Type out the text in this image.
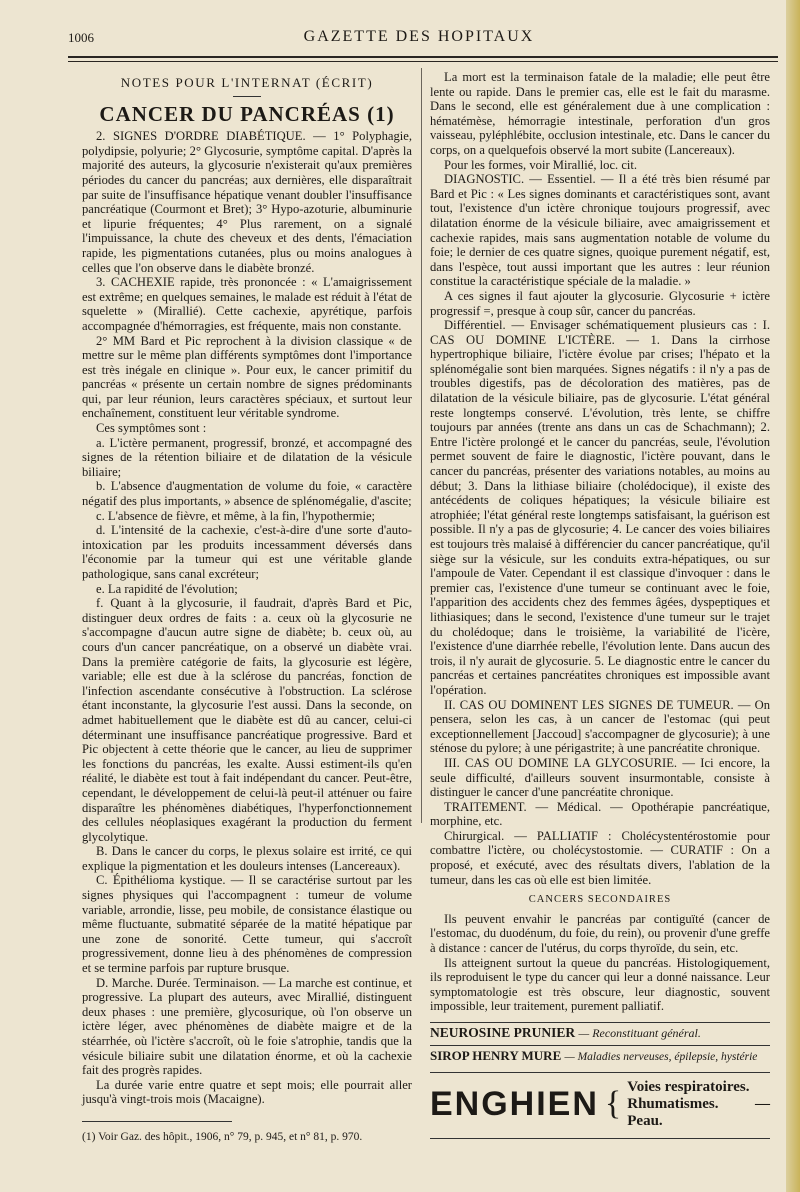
1006	GAZETTE DES HOPITAUX
NOTES POUR L'INTERNAT (ÉCRIT)
CANCER DU PANCRÉAS (1)

2. SIGNES D'ORDRE DIABÉTIQUE. — 1° Polyphagie, polydipsie, polyurie; 2° Glycosurie, symptôme capital. D'après la majorité des auteurs, la glycosurie n'existerait qu'aux premières périodes du cancer du pancréas; aux dernières, elle disparaîtrait par suite de l'insuffisance hépatique venant doubler l'insuffisance pancréatique (Courmont et Bret); 3° Hypo-azoturie, albuminurie et lipurie fréquentes; 4° Plus rarement, on a signalé l'impuissance, la chute des cheveux et des dents, l'émaciation rapide, les pigmentations cutanées, plus ou moins analogues à celles que l'on observe dans le diabète bronzé.

3. CACHEXIE rapide, très prononcée : « L'amaigrissement est extrême; en quelques semaines, le malade est réduit à l'état de squelette » (Mirallié). Cette cachexie, apyrétique, parfois accompagnée d'hémorragies, est fréquente, mais non constante.

2° MM Bard et Pic reprochent à la division classique « de mettre sur le même plan différents symptômes dont l'importance est très inégale en clinique ». Pour eux, le cancer primitif du pancréas « présente un certain nombre de signes prédominants qui, par leur réunion, leurs caractères spéciaux, et surtout leur enchaînement, constituent leur véritable syndrome.

Ces symptômes sont :

a. L'ictère permanent, progressif, bronzé, et accompagné des signes de la rétention biliaire et de dilatation de la vésicule biliaire;

b. L'absence d'augmentation de volume du foie, « caractère négatif des plus importants, » absence de splénomégalie, d'ascite;

c. L'absence de fièvre, et même, à la fin, l'hypothermie;

d. L'intensité de la cachexie, c'est-à-dire d'une sorte d'auto-intoxication par les produits incessamment déversés dans l'économie par la tumeur qui est une véritable glande pathologique, sans canal excréteur;

e. La rapidité de l'évolution;

f. Quant à la glycosurie, il faudrait, d'après Bard et Pic, distinguer deux ordres de faits : a. ceux où la glycosurie ne s'accompagne d'aucun autre signe de diabète; b. ceux où, au cours d'un cancer pancréatique, on a observé un diabète vrai. Dans la première catégorie de faits, la glycosurie est légère, variable; elle est due à la sclérose du pancréas, fonction de l'infection ascendante consécutive à l'obstruction. La sclérose étant inconstante, la glycosurie l'est aussi. Dans la seconde, on admet habituellement que le diabète est dû au cancer, celui-ci déterminant une insuffisance pancréatique progressive. Bard et Pic objectent à cette théorie que le cancer, au lieu de supprimer les fonctions du pancréas, les exalte. Aussi estiment-ils qu'en réalité, le diabète est tout à fait indépendant du cancer. Peut-être, cependant, le développement de celui-là peut-il atténuer ou faire disparaître les phénomènes diabétiques, l'hyperfonctionnement des cellules néoplasiques exagérant la production du ferment glycolytique.

B. Dans le cancer du corps, le plexus solaire est irrité, ce qui explique la pigmentation et les douleurs intenses (Lancereaux).

C. Épithélioma kystique. — Il se caractérise surtout par les signes physiques qui l'accompagnent : tumeur de volume variable, arrondie, lisse, peu mobile, de consistance élastique ou même fluctuante, submatité séparée de la matité hépatique par une zone de sonorité. Cette tumeur, qui s'accroît progressivement, donne lieu à des phénomènes de compression et se termine parfois par rupture brusque.

D. Marche. Durée. Terminaison. — La marche est continue, et progressive. La plupart des auteurs, avec Mirallié, distinguent deux phases : une première, glycosurique, où l'on observe un ictère léger, avec phénomènes de diabète maigre et de la stéarrhée, où l'ictère s'accroît, où le foie s'atrophie, tandis que la vésicule biliaire subit une dilatation énorme, et où la cachexie fait des progrès rapides.

La durée varie entre quatre et sept mois; elle pourrait aller jusqu'à vingt-trois mois (Macaigne).

(1) Voir Gaz. des hôpit., 1906, n° 79, p. 945, et n° 81, p. 970.

La mort est la terminaison fatale de la maladie; elle peut être lente ou rapide. Dans le premier cas, elle est le fait du marasme. Dans le second, elle est généralement due à une complication : hématémèse, hémorragie intestinale, perforation d'un gros vaisseau, pyléphlébite, occlusion intestinale, etc. Dans le cancer du corps, on a quelquefois observé la mort subite (Lancereaux).

Pour les formes, voir Mirallié, loc. cit.

DIAGNOSTIC. — Essentiel. — Il a été très bien résumé par Bard et Pic : « Les signes dominants et caractéristiques sont, avant tout, l'existence d'un ictère chronique toujours progressif, avec dilatation énorme de la vésicule biliaire, avec amaigrissement et cachexie rapides, mais sans augmentation notable de volume du foie; le dernier de ces quatre signes, quoique purement négatif, est, dans l'espèce, tout aussi important que les autres : leur réunion constitue la caractéristique spéciale de la maladie. »

A ces signes il faut ajouter la glycosurie. Glycosurie + ictère progressif =, presque à coup sûr, cancer du pancréas.

Différentiel. — Envisager schématiquement plusieurs cas : I. CAS OU DOMINE L'ICTÈRE. — 1. Dans la cirrhose hypertrophique biliaire, l'ictère évolue par crises; l'hépato et la splénomégalie sont bien marquées. Signes négatifs : il n'y a pas de troubles digestifs, pas de décoloration des matières, pas de dilatation de la vésicule biliaire, pas de glycosurie. L'état général reste longtemps conservé. L'évolution, très lente, se chiffre toujours par années (trente ans dans un cas de Schachmann); 2. Entre l'ictère prolongé et le cancer du pancréas, seule, l'évolution permet souvent de faire le diagnostic, l'ictère pouvant, dans le cancer du pancréas, présenter des variations notables, au moins au début; 3. Dans la lithiase biliaire (cholédocique), il existe des antécédents de coliques hépatiques; la vésicule biliaire est atrophiée; l'état général reste longtemps satisfaisant, la guérison est possible. Il n'y a pas de glycosurie; 4. Le cancer des voies biliaires est toujours très malaisé à différencier du cancer pancréatique, qu'il siège sur la vésicule, sur les conduits extra-hépatiques, ou sur l'ampoule de Vater. Cependant il est classique d'invoquer : dans le premier cas, l'existence d'une tumeur se continuant avec le foie, l'apparition des accidents chez des femmes âgées, dyspeptiques et lithiasiques; dans le second, l'existence d'une tumeur sur le trajet du cholédoque; dans le troisième, la variabilité de l'icère, l'existence d'une diarrhée rebelle, l'évolution lente. Dans aucun des trois, il n'y aurait de glycosurie. 5. Le diagnostic entre le cancer du pancréas et certaines pancréatites chroniques est impossible avant l'opération.

II. CAS OU DOMINENT LES SIGNES DE TUMEUR. — On pensera, selon les cas, à un cancer de l'estomac (qui peut exceptionnellement [Jaccoud] s'accompagner de glycosurie); à une sténose du pylore; à une périgastrite; à une pancréatite chronique.

III. CAS OU DOMINE LA GLYCOSURIE. — Ici encore, la seule difficulté, d'ailleurs souvent insurmontable, consiste à distinguer le cancer d'une pancréatite chronique.

TRAITEMENT. — Médical. — Opothérapie pancréatique, morphine, etc.

Chirurgical. — PALLIATIF : Cholécystentérostomie pour combattre l'ictère, ou cholécystostomie. — CURATIF : On a proposé, et exécuté, avec des résultats divers, l'ablation de la tumeur, dans les cas où elle est bien limitée.

CANCERS SECONDAIRES

Ils peuvent envahir le pancréas par contiguïté (cancer de l'estomac, du duodénum, du foie, du rein), ou provenir d'une greffe à distance : cancer de l'utérus, du corps thyroïde, du sein, etc.

Ils atteignent surtout la queue du pancréas. Histologiquement, ils reproduisent le type du cancer qui leur a donné naissance. Leur symptomatologie est très obscure, leur diagnostic, souvent impossible, leur traitement, purement palliatif.

NEUROSINE PRUNIER — Reconstituant général.
SIROP HENRY MURE — Maladies nerveuses, épilepsie, hystérie
ENGHIEN { Voies respiratoires.
Rhumatismes. — Peau.
